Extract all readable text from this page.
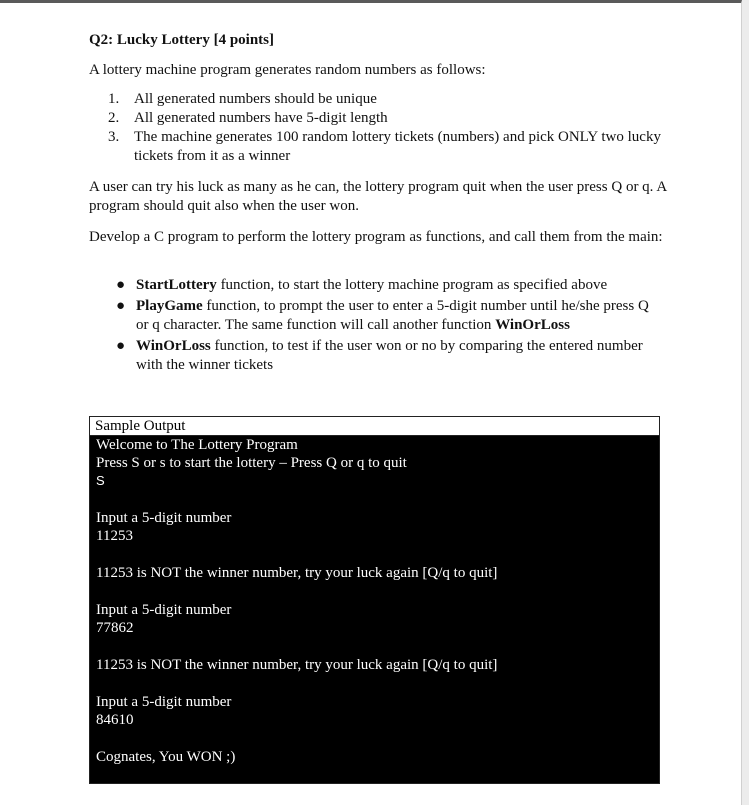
Q2: Lucky Lottery [4 points]
A lottery machine program generates random numbers as follows:
1. All generated numbers should be unique
2. All generated numbers have 5-digit length
3. The machine generates 100 random lottery tickets (numbers) and pick ONLY two lucky tickets from it as a winner
A user can try his luck as many as he can, the lottery program quit when the user press Q or q. A program should quit also when the user won.
Develop a C program to perform the lottery program as functions, and call them from the main:
● StartLottery function, to start the lottery machine program as specified above
● PlayGame function, to prompt the user to enter a 5-digit number until he/she press Q or q character. The same function will call another function WinOrLoss
● WinOrLoss function, to test if the user won or no by comparing the entered number with the winner tickets
Sample Output
Welcome to The Lottery Program
Press S or s to start the lottery – Press Q or q to quit
S
Input a 5-digit number
11253
11253 is NOT the winner number, try your luck again [Q/q to quit]
Input a 5-digit number
77862
11253 is NOT the winner number, try your luck again [Q/q to quit]
Input a 5-digit number
84610
Cognates, You WON ;)
